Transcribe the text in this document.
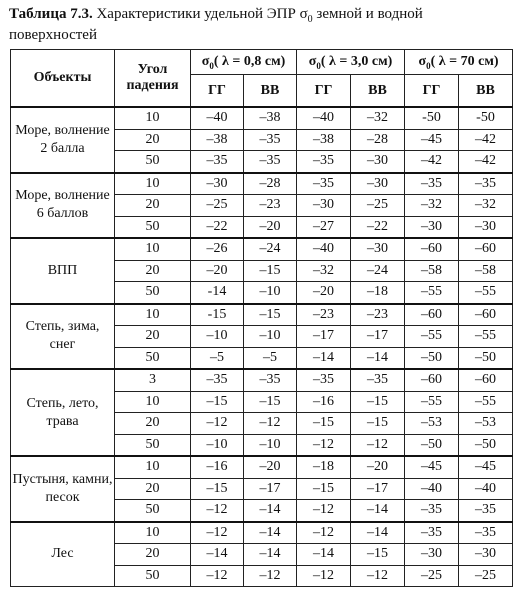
Таблица 7.3. Характеристики удельной ЭПР $\sigma_0$ земной и водной поверхностей
Объекты	Угол падения	$\sigma_0$( λ = 0,8 см)		$\sigma_0$( λ = 3,0 см)		$\sigma_0$( λ = 70 см)	
		ГГ	ВВ	ГГ	ВВ	ГГ	ВВ
Море, волнение 2 балла	10	–40	–38	–40	–32	-50	-50
	20	–38	–35	–38	–28	–45	–42
	50	–35	–35	–35	–30	–42	–42
Море, волнение 6 баллов	10	–30	–28	–35	–30	–35	–35
	20	–25	–23	–30	–25	–32	–32
	50	–22	–20	–27	–22	–30	–30
ВПП	10	–26	–24	–40	–30	–60	–60
	20	–20	–15	–32	–24	–58	–58
	50	-14	–10	–20	–18	–55	–55
Степь, зима, снег	10	-15	–15	–23	–23	–60	–60
	20	–10	–10	–17	–17	–55	–55
	50	–5	–5	–14	–14	–50	–50
Степь, лето, трава	3	–35	–35	–35	–35	–60	–60
	10	–15	–15	–16	–15	–55	–55
	20	–12	–12	–15	–15	–53	–53
	50	–10	–10	–12	–12	–50	–50
Пустыня, камни, песок	10	–16	–20	–18	–20	–45	–45
	20	–15	–17	–15	–17	–40	–40
	50	–12	–14	–12	–14	–35	–35
Лес	10	–12	–14	–12	–14	–35	–35
	20	–14	–14	–14	–15	–30	–30
	50	–12	–12	–12	–12	–25	–25
